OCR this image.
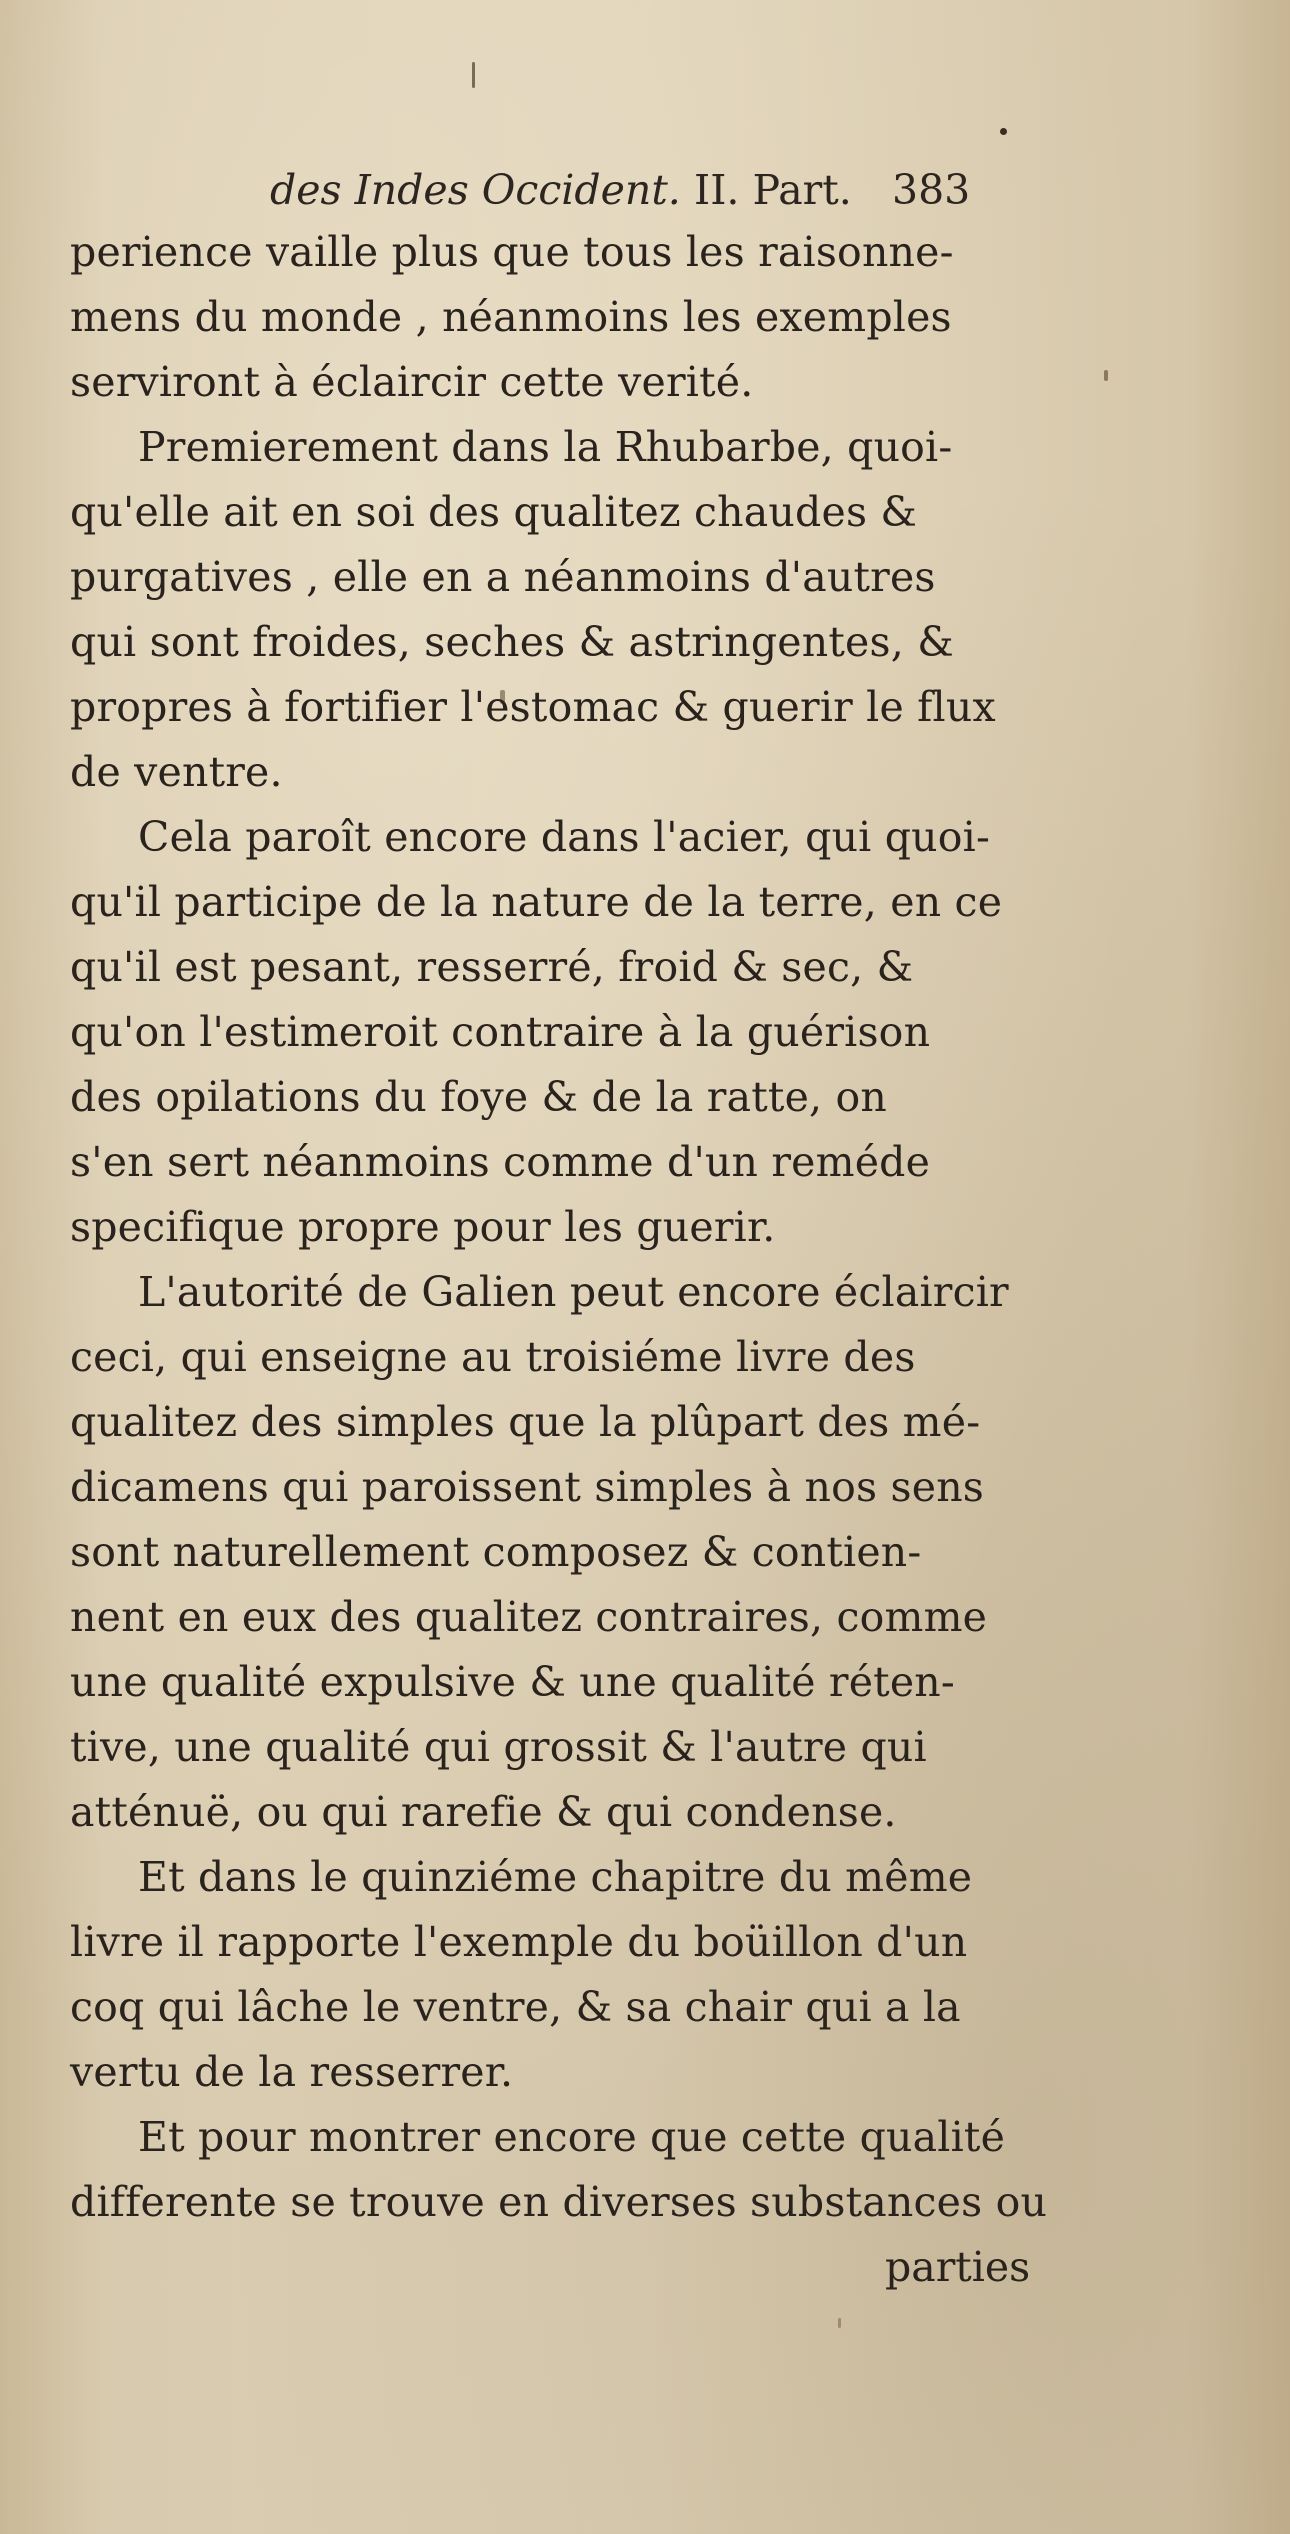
des Indes Occident. II. Part. 383
perience vaille plus que tous les raisonne-
mens du monde , néanmoins les exemples
serviront à éclaircir cette verité.
Premierement dans la Rhubarbe, quoi-
qu'elle ait en soi des qualitez chaudes &
purgatives , elle en a néanmoins d'autres
qui sont froides, seches & astringentes, &
propres à fortifier l'estomac & guerir le flux
de ventre.
Cela paroît encore dans l'acier, qui quoi-
qu'il participe de la nature de la terre, en ce
qu'il est pesant, resserré, froid & sec, &
qu'on l'estimeroit contraire à la guérison
des opilations du foye & de la ratte, on
s'en sert néanmoins comme d'un reméde
specifique propre pour les guerir.
L'autorité de Galien peut encore éclaircir
ceci, qui enseigne au troisiéme livre des
qualitez des simples que la plûpart des mé-
dicamens qui paroissent simples à nos sens
sont naturellement composez & contien-
nent en eux des qualitez contraires, comme
une qualité expulsive & une qualité réten-
tive, une qualité qui grossit & l'autre qui
atténuë, ou qui rarefie & qui condense.
Et dans le quinziéme chapitre du même
livre il rapporte l'exemple du boüillon d'un
coq qui lâche le ventre, & sa chair qui a la
vertu de la resserrer.
Et pour montrer encore que cette qualité
differente se trouve en diverses substances ou
parties
